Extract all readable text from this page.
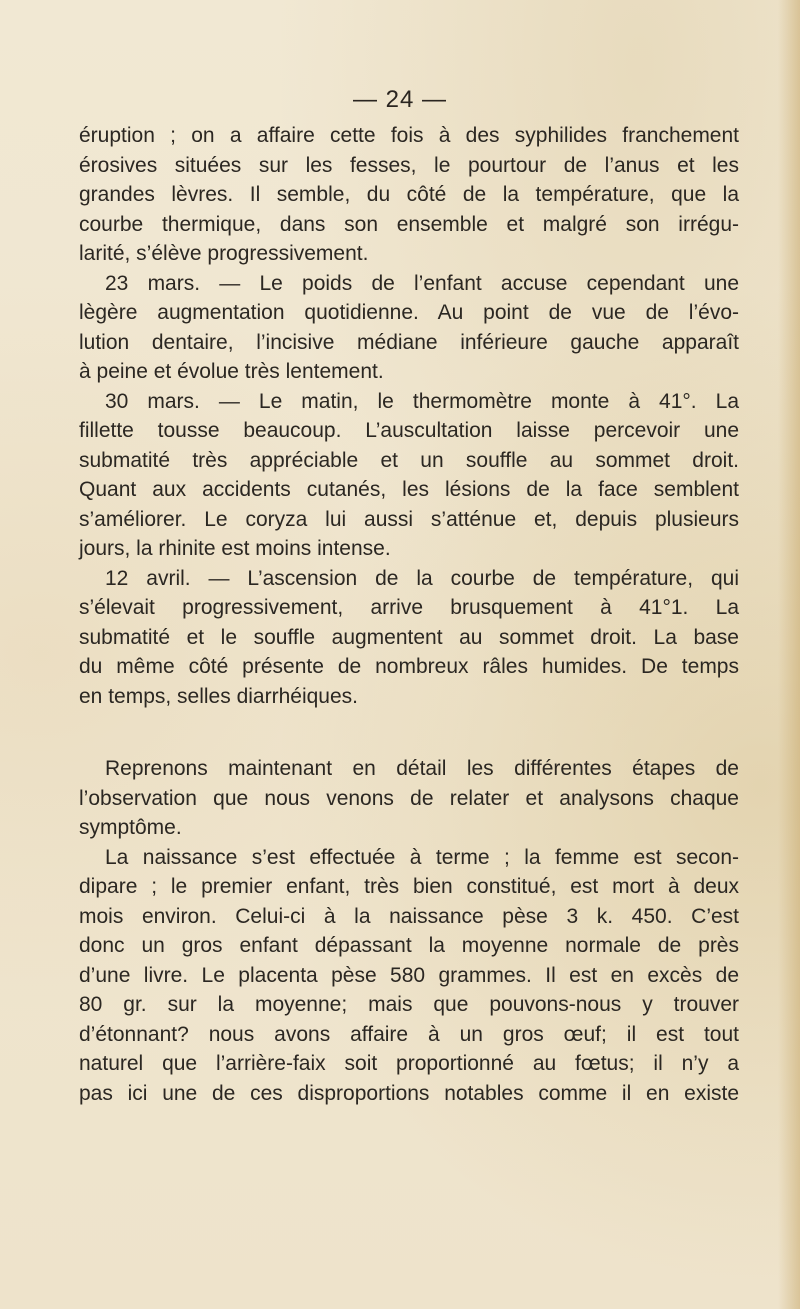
— 24 —
éruption ; on a affaire cette fois à des syphilides franchement
érosives situées sur les fesses, le pourtour de l’anus et les
grandes lèvres. Il semble, du côté de la température, que la
courbe thermique, dans son ensemble et malgré son irrégu-
larité, s’élève progressivement.
23 mars. — Le poids de l’enfant accuse cependant une
lègère augmentation quotidienne. Au point de vue de l’évo-
lution dentaire, l’incisive médiane inférieure gauche apparaît
à peine et évolue très lentement.
30 mars. — Le matin, le thermomètre monte à 41°. La
fillette tousse beaucoup. L’auscultation laisse percevoir une
submatité très appréciable et un souffle au sommet droit.
Quant aux accidents cutanés, les lésions de la face semblent
s’améliorer. Le coryza lui aussi s’atténue et, depuis plusieurs
jours, la rhinite est moins intense.
12 avril. — L’ascension de la courbe de température, qui
s’élevait progressivement, arrive brusquement à 41°1. La
submatité et le souffle augmentent au sommet droit. La base
du même côté présente de nombreux râles humides. De temps
en temps, selles diarrhéiques.
Reprenons maintenant en détail les différentes étapes de
l’observation que nous venons de relater et analysons chaque
symptôme.
La naissance s’est effectuée à terme ; la femme est secon-
dipare ; le premier enfant, très bien constitué, est mort à deux
mois environ. Celui-ci à la naissance pèse 3 k. 450. C’est
donc un gros enfant dépassant la moyenne normale de près
d’une livre. Le placenta pèse 580 grammes. Il est en excès de
80 gr. sur la moyenne; mais que pouvons-nous y trouver
d’étonnant? nous avons affaire à un gros œuf; il est tout
naturel que l’arrière-faix soit proportionné au fœtus; il n’y a
pas ici une de ces disproportions notables comme il en existe
